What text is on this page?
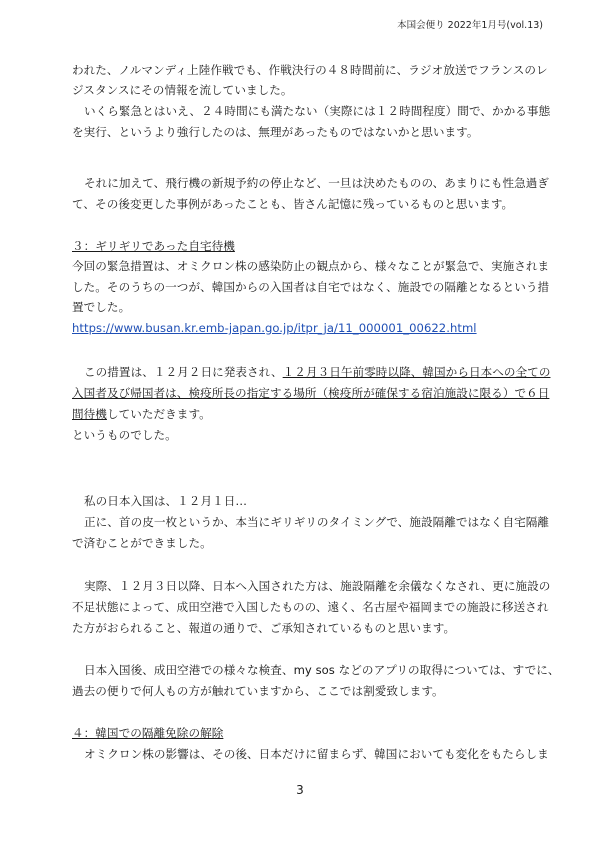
本国会便り 2022年1月号(vol.13)
われた、ノルマンディ上陸作戦でも、作戦決行の４８時間前に、ラジオ放送でフランスのレ
ジスタンスにその情報を流していました。
いくら緊急とはいえ、２４時間にも満たない（実際には１２時間程度）間で、かかる事態
を実行、というより強行したのは、無理があったものではないかと思います。
それに加えて、飛行機の新規予約の停止など、一旦は決めたものの、あまりにも性急過ぎ
て、その後変更した事例があったことも、皆さん記憶に残っているものと思います。
３：ギリギリであった自宅待機
今回の緊急措置は、オミクロン株の感染防止の観点から、様々なことが緊急で、実施されま
した。そのうちの一つが、韓国からの入国者は自宅ではなく、施設での隔離となるという措
置でした。
https://www.busan.kr.emb-japan.go.jp/itpr_ja/11_000001_00622.html
この措置は、１２月２日に発表され、１２月３日午前零時以降、韓国から日本への全ての
入国者及び帰国者は、検疫所長の指定する場所（検疫所が確保する宿泊施設に限る）で６日
間待機していただきます。
というものでした。
私の日本入国は、１２月１日…
正に、首の皮一枚というか、本当にギリギリのタイミングで、施設隔離ではなく自宅隔離
で済むことができました。
実際、１２月３日以降、日本へ入国された方は、施設隔離を余儀なくなされ、更に施設の
不足状態によって、成田空港で入国したものの、遠く、名古屋や福岡までの施設に移送され
た方がおられること、報道の通りで、ご承知されているものと思います。
日本入国後、成田空港での様々な検査、my sos などのアプリの取得については、すでに、
過去の便りで何人もの方が触れていますから、ここでは割愛致します。
４：韓国での隔離免除の解除
オミクロン株の影響は、その後、日本だけに留まらず、韓国においても変化をもたらしま
3
